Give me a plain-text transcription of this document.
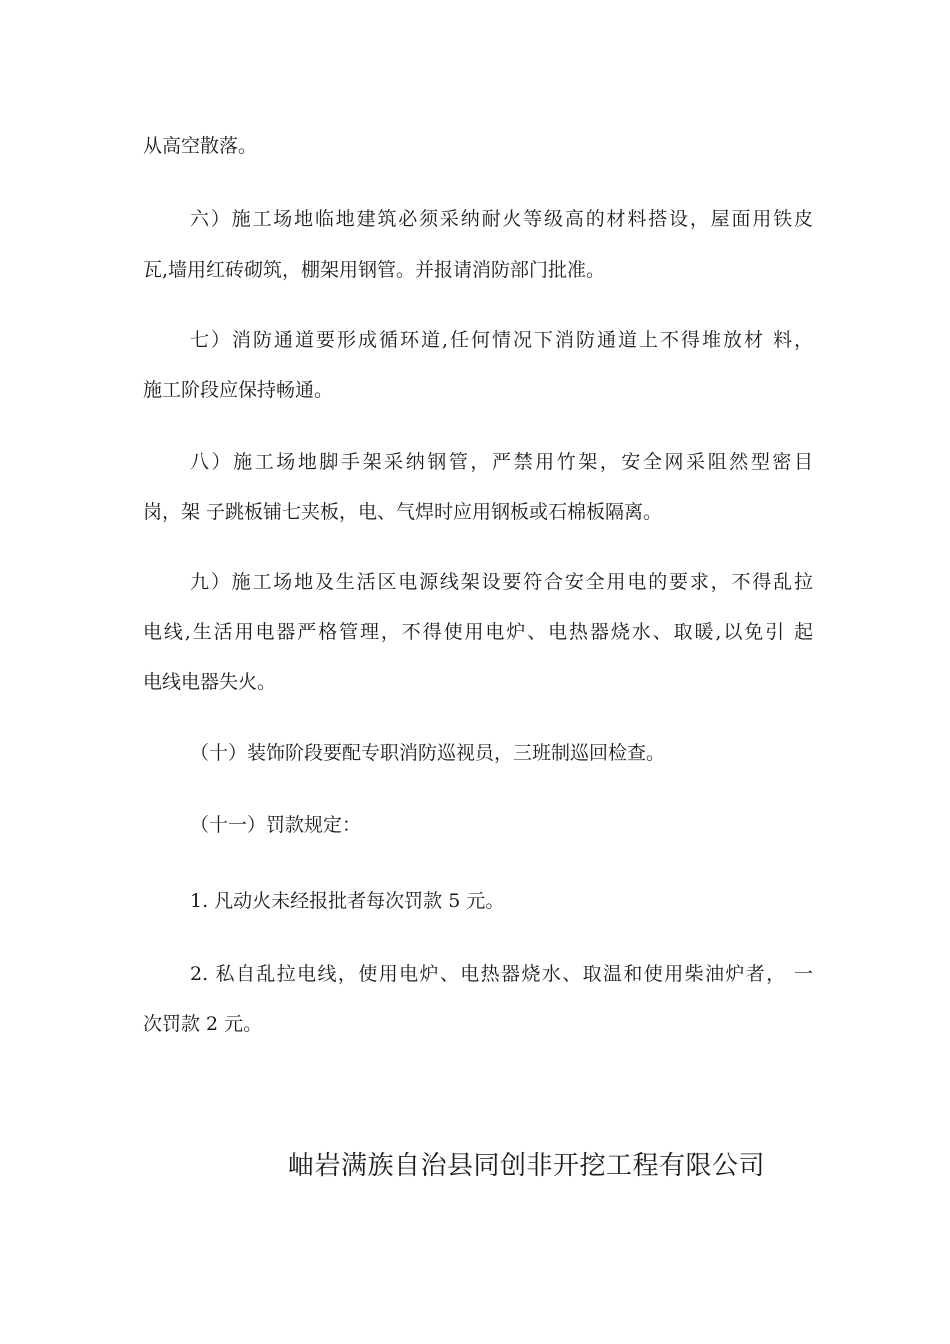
从高空散落。
六）施工场地临地建筑必须采纳耐火等级高的材料搭设，屋面用铁皮
瓦,墙用红砖砌筑，棚架用钢管。并报请消防部门批准。
七）消防通道要形成循环道,任何情况下消防通道上不得堆放材 料，
施工阶段应保持畅通。
八）施工场地脚手架采纳钢管，严禁用竹架，安全网采阻然型密目
岗，架 子跳板铺七夹板，电、气焊时应用钢板或石棉板隔离。
九）施工场地及生活区电源线架设要符合安全用电的要求，不得乱拉
电线,生活用电器严格管理，不得使用电炉、电热器烧水、取暖,以免引 起
电线电器失火。
（十）装饰阶段要配专职消防巡视员，三班制巡回检查。
（十一）罚款规定：
1. 凡动火未经报批者每次罚款 5 元。
2. 私自乱拉电线，使用电炉、电热器烧水、取温和使用柴油炉者， 一
次罚款 2 元。
岫岩满族自治县同创非开挖工程有限公司
